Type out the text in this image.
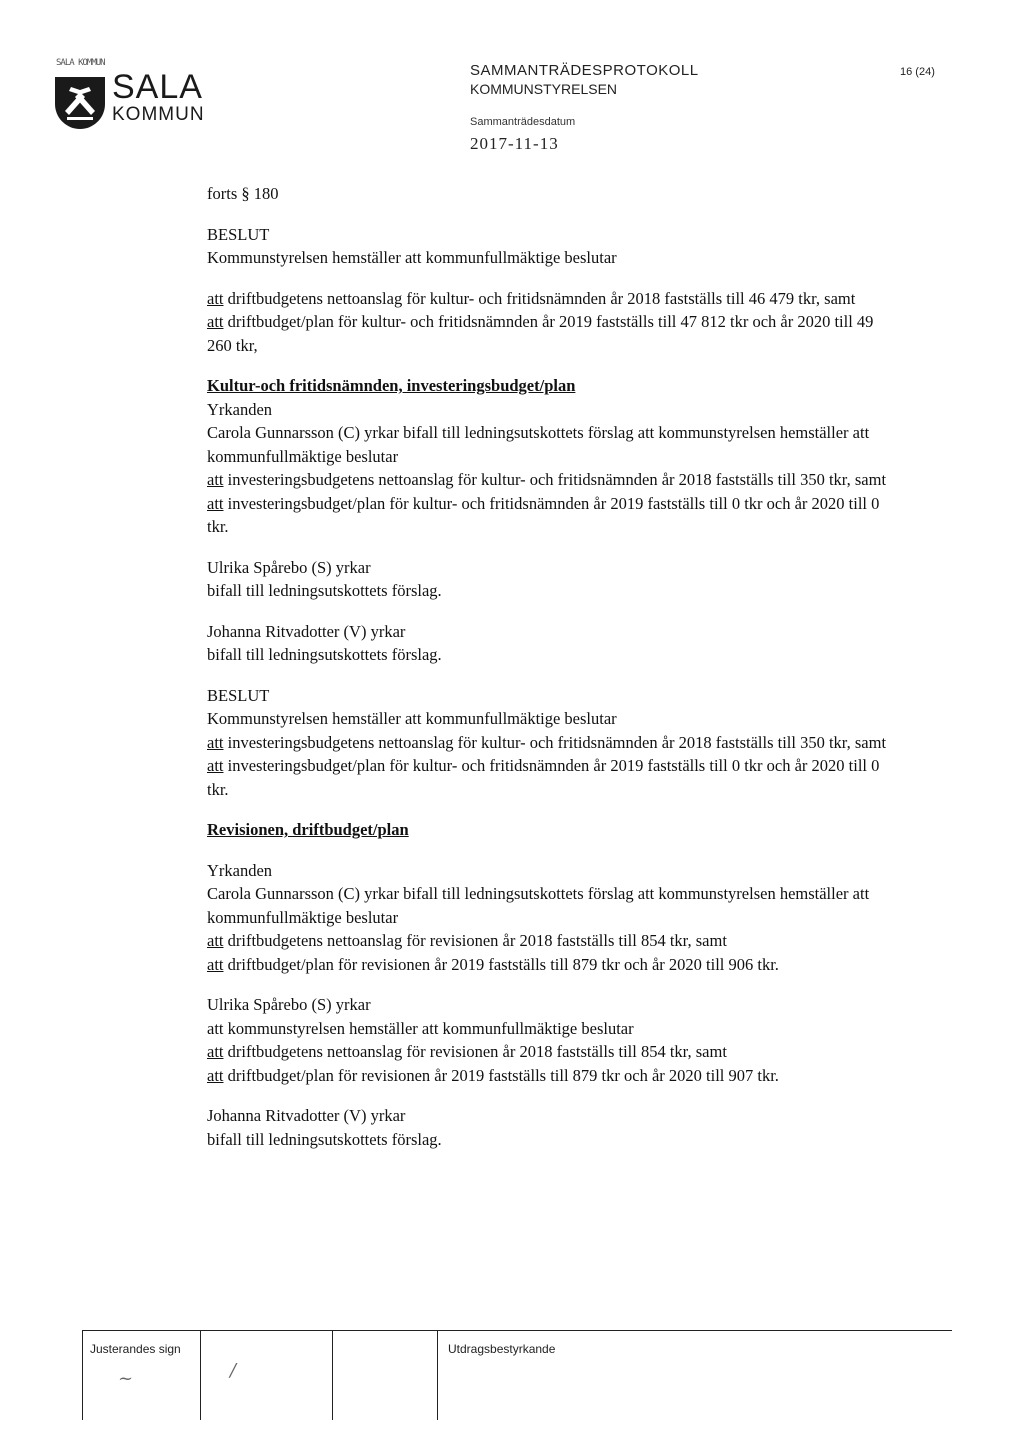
SALA KOMMUN
SALA
KOMMUN
SAMMANTRÄDESPROTOKOLL
KOMMUNSTYRELSEN
Sammanträdesdatum
2017-11-13
16 (24)

forts § 180

BESLUT

Kommunstyrelsen hemställer att kommunfullmäktige beslutar

att driftbudgetens nettoanslag för kultur- och fritidsnämnden år 2018 fastställs till 46 479 tkr, samt

att driftbudget/plan för kultur- och fritidsnämnden år 2019 fastställs till 47 812 tkr och år 2020 till 49 260 tkr,

Kultur-och fritidsnämnden, investeringsbudget/plan

Yrkanden

Carola Gunnarsson (C) yrkar bifall till ledningsutskottets förslag att kommunstyrelsen hemställer att kommunfullmäktige beslutar

att investeringsbudgetens nettoanslag för kultur- och fritidsnämnden år 2018 fastställs till 350 tkr, samt

att investeringsbudget/plan för kultur- och fritidsnämnden år 2019 fastställs till 0 tkr och år 2020 till 0 tkr.

Ulrika Spårebo (S) yrkar

bifall till ledningsutskottets förslag.

Johanna Ritvadotter (V) yrkar

bifall till ledningsutskottets förslag.

BESLUT

Kommunstyrelsen hemställer att kommunfullmäktige beslutar

att investeringsbudgetens nettoanslag för kultur- och fritidsnämnden år 2018 fastställs till 350 tkr, samt

att investeringsbudget/plan för kultur- och fritidsnämnden år 2019 fastställs till 0 tkr och år 2020 till 0 tkr.

Revisionen, driftbudget/plan

Yrkanden

Carola Gunnarsson (C) yrkar bifall till ledningsutskottets förslag att kommunstyrelsen hemställer att kommunfullmäktige beslutar

att driftbudgetens nettoanslag för revisionen år 2018 fastställs till 854 tkr, samt

att driftbudget/plan för revisionen år 2019 fastställs till 879 tkr och år 2020 till 906 tkr.

Ulrika Spårebo (S) yrkar

att kommunstyrelsen hemställer att kommunfullmäktige beslutar

att driftbudgetens nettoanslag för revisionen år 2018 fastställs till 854 tkr, samt

att driftbudget/plan för revisionen år 2019 fastställs till 879 tkr och år 2020 till 907 tkr.

Johanna Ritvadotter (V) yrkar

bifall till ledningsutskottets förslag.

Justerandes sign	Utdragsbestyrkande
~	/
